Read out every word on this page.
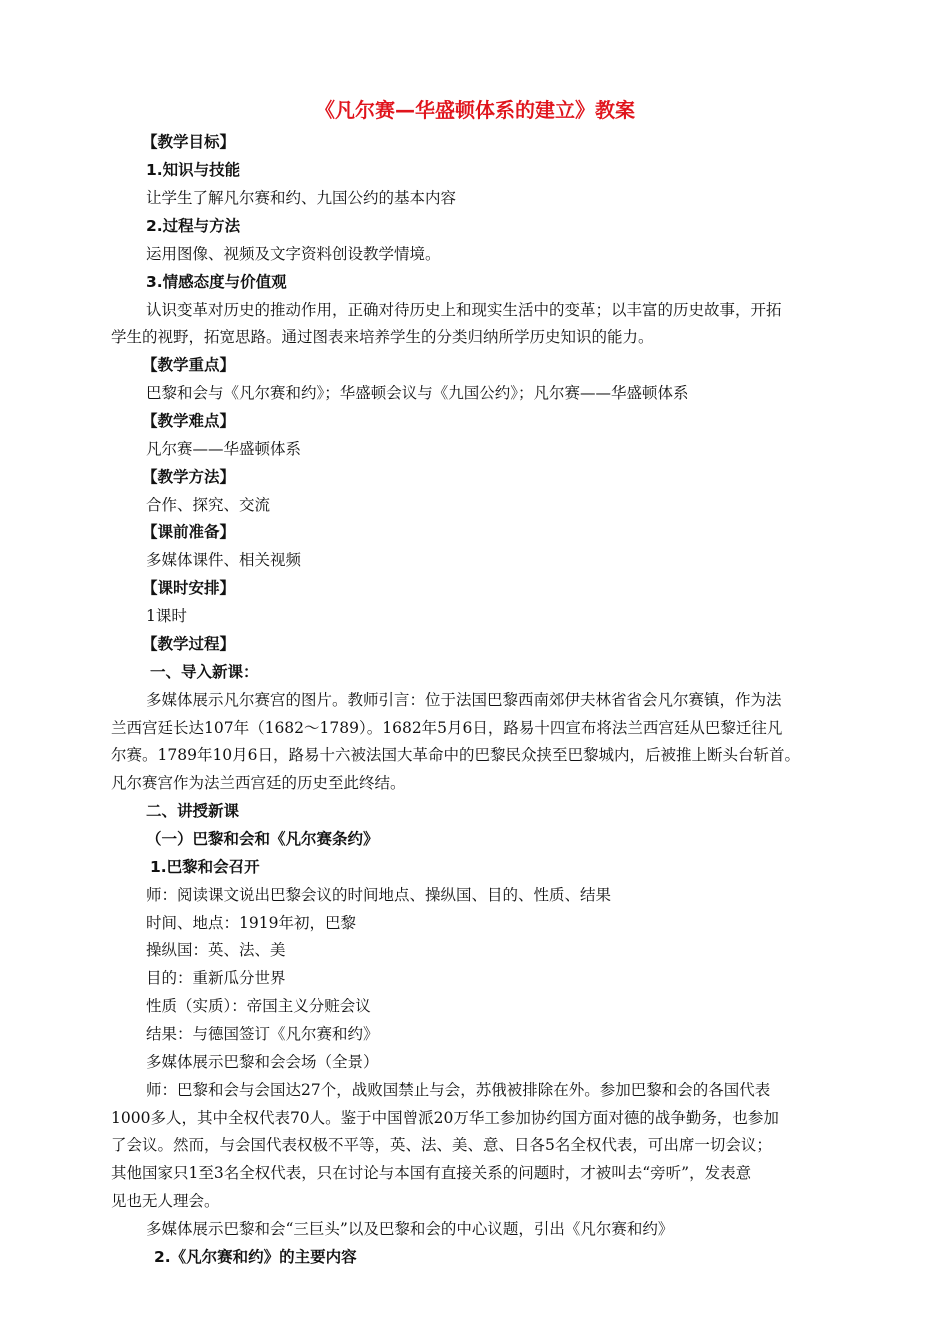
《凡尔赛—华盛顿体系的建立》教案
【教学目标】
1.知识与技能
让学生了解凡尔赛和约、九国公约的基本内容
2.过程与方法
运用图像、视频及文字资料创设教学情境。
3.情感态度与价值观
认识变革对历史的推动作用，正确对待历史上和现实生活中的变革；以丰富的历史故事，开拓
学生的视野，拓宽思路。通过图表来培养学生的分类归纳所学历史知识的能力。
【教学重点】
巴黎和会与《凡尔赛和约》；华盛顿会议与《九国公约》；凡尔赛——华盛顿体系
【教学难点】
凡尔赛——华盛顿体系
【教学方法】
合作、探究、交流
【课前准备】
多媒体课件、相关视频
【课时安排】
1课时
【教学过程】
一、导入新课：
多媒体展示凡尔赛宫的图片。教师引言：位于法国巴黎西南郊伊夫林省省会凡尔赛镇，作为法
兰西宫廷长达107年（1682～1789）。1682年5月6日，路易十四宣布将法兰西宫廷从巴黎迁往凡
尔赛。1789年10月6日，路易十六被法国大革命中的巴黎民众挟至巴黎城内，后被推上断头台斩首。
凡尔赛宫作为法兰西宫廷的历史至此终结。
二、讲授新课
（一）巴黎和会和《凡尔赛条约》
1.巴黎和会召开
师：阅读课文说出巴黎会议的时间地点、操纵国、目的、性质、结果
时间、地点：1919年初，巴黎
操纵国：英、法、美
目的：重新瓜分世界
性质（实质）：帝国主义分赃会议
结果：与德国签订《凡尔赛和约》
多媒体展示巴黎和会会场（全景）
师：巴黎和会与会国达27个，战败国禁止与会，苏俄被排除在外。参加巴黎和会的各国代表
1000多人，其中全权代表70人。鉴于中国曾派20万华工参加协约国方面对德的战争勤务，也参加
了会议。然而，与会国代表权极不平等，英、法、美、意、日各5名全权代表，可出席一切会议；
其他国家只1至3名全权代表，只在讨论与本国有直接关系的问题时，才被叫去“旁听”，发表意
见也无人理会。
多媒体展示巴黎和会“三巨头”以及巴黎和会的中心议题，引出《凡尔赛和约》
2.《凡尔赛和约》的主要内容
